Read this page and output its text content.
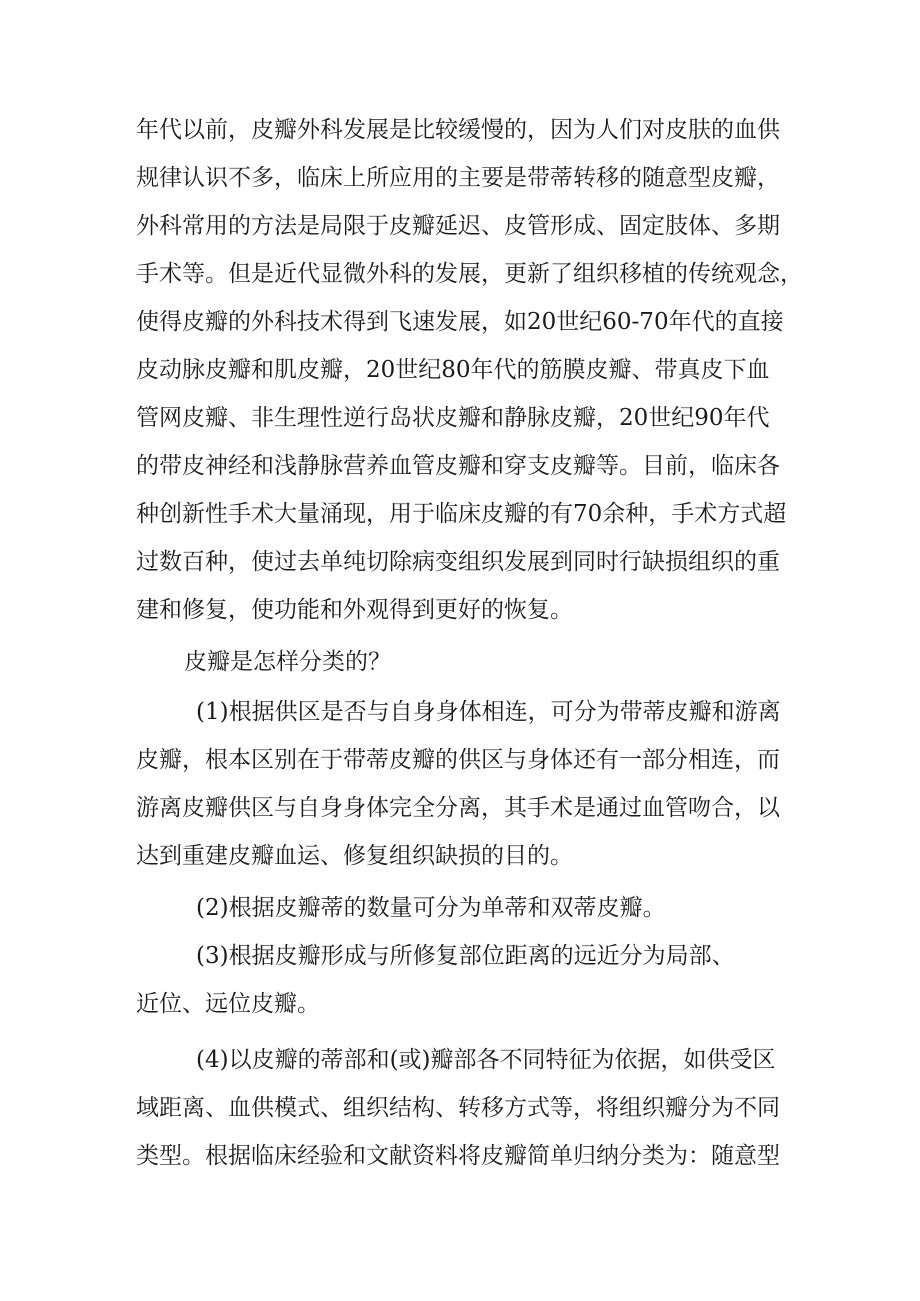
年代以前，皮瓣外科发展是比较缓慢的，因为人们对皮肤的血供
规律认识不多，临床上所应用的主要是带蒂转移的随意型皮瓣，
外科常用的方法是局限于皮瓣延迟、皮管形成、固定肢体、多期
手术等。但是近代显微外科的发展，更新了组织移植的传统观念，
使得皮瓣的外科技术得到飞速发展，如20世纪60-70年代的直接
皮动脉皮瓣和肌皮瓣，20世纪80年代的筋膜皮瓣、带真皮下血
管网皮瓣、非生理性逆行岛状皮瓣和静脉皮瓣，20世纪90年代
的带皮神经和浅静脉营养血管皮瓣和穿支皮瓣等。目前，临床各
种创新性手术大量涌现，用于临床皮瓣的有70余种，手术方式超
过数百种，使过去单纯切除病变组织发展到同时行缺损组织的重
建和修复，使功能和外观得到更好的恢复。
皮瓣是怎样分类的？
(1)根据供区是否与自身身体相连，可分为带蒂皮瓣和游离
皮瓣，根本区别在于带蒂皮瓣的供区与身体还有一部分相连，而
游离皮瓣供区与自身身体完全分离，其手术是通过血管吻合，以
达到重建皮瓣血运、修复组织缺损的目的。
(2)根据皮瓣蒂的数量可分为单蒂和双蒂皮瓣。
(3)根据皮瓣形成与所修复部位距离的远近分为局部、
近位、远位皮瓣。
(4)以皮瓣的蒂部和(或)瓣部各不同特征为依据，如供受区
域距离、血供模式、组织结构、转移方式等，将组织瓣分为不同
类型。根据临床经验和文献资料将皮瓣简单归纳分类为：随意型
